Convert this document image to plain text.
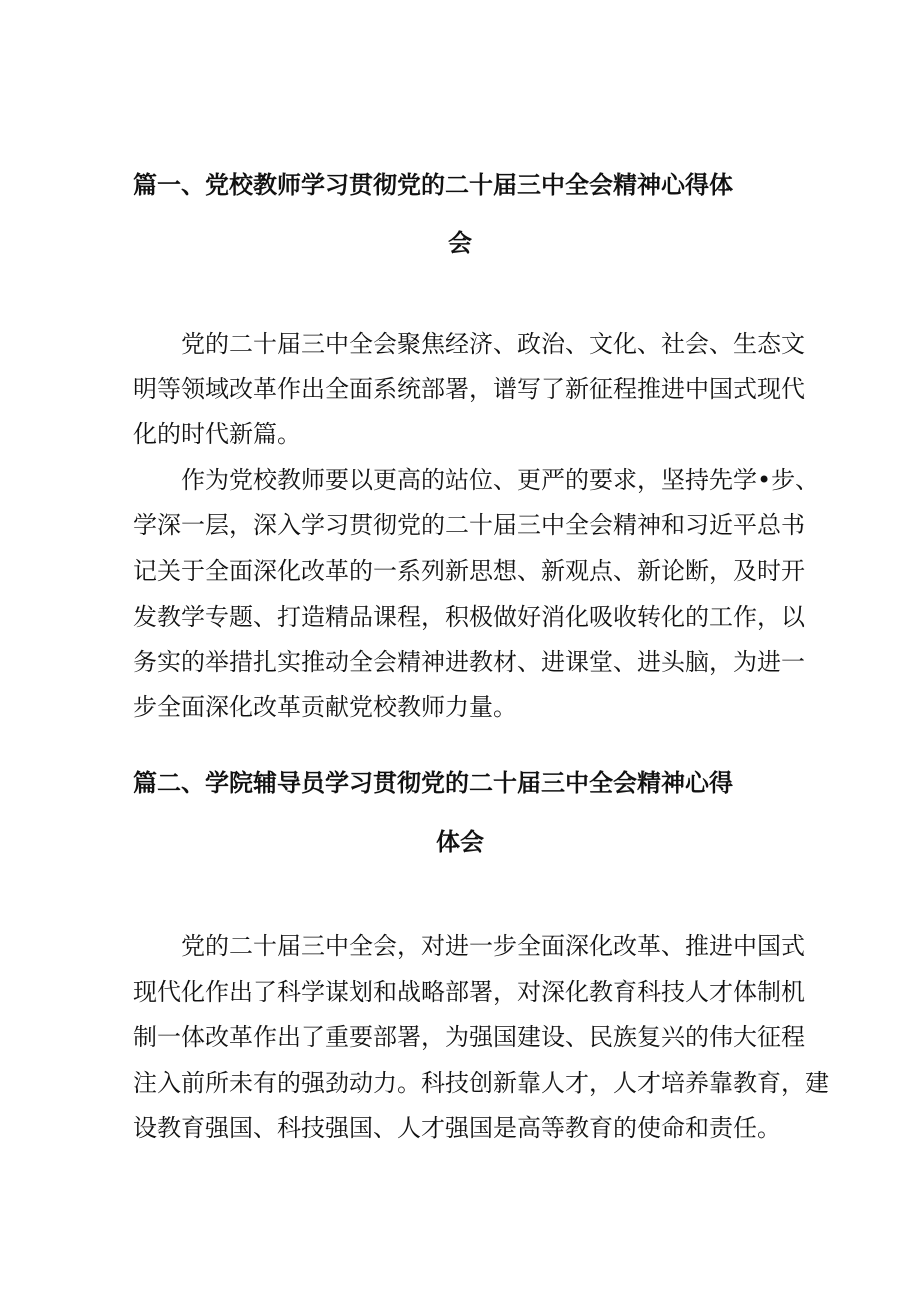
篇一、党校教师学习贯彻党的二十届三中全会精神心得体
会
党的二十届三中全会聚焦经济、政治、文化、社会、生态文
明等领域改革作出全面系统部署，谱写了新征程推进中国式现代
化的时代新篇。
作为党校教师要以更高的站位、更严的要求，坚持先学•步、
学深一层，深入学习贯彻党的二十届三中全会精神和习近平总书
记关于全面深化改革的一系列新思想、新观点、新论断，及时开
发教学专题、打造精品课程，积极做好消化吸收转化的工作，以
务实的举措扎实推动全会精神进教材、进课堂、进头脑，为进一
步全面深化改革贡献党校教师力量。
篇二、学院辅导员学习贯彻党的二十届三中全会精神心得
体会
党的二十届三中全会，对进一步全面深化改革、推进中国式
现代化作出了科学谋划和战略部署，对深化教育科技人才体制机
制一体改革作出了重要部署，为强国建设、民族复兴的伟大征程
注入前所未有的强劲动力。科技创新靠人才，人才培养靠教育，建
设教育强国、科技强国、人才强国是高等教育的使命和责任。
